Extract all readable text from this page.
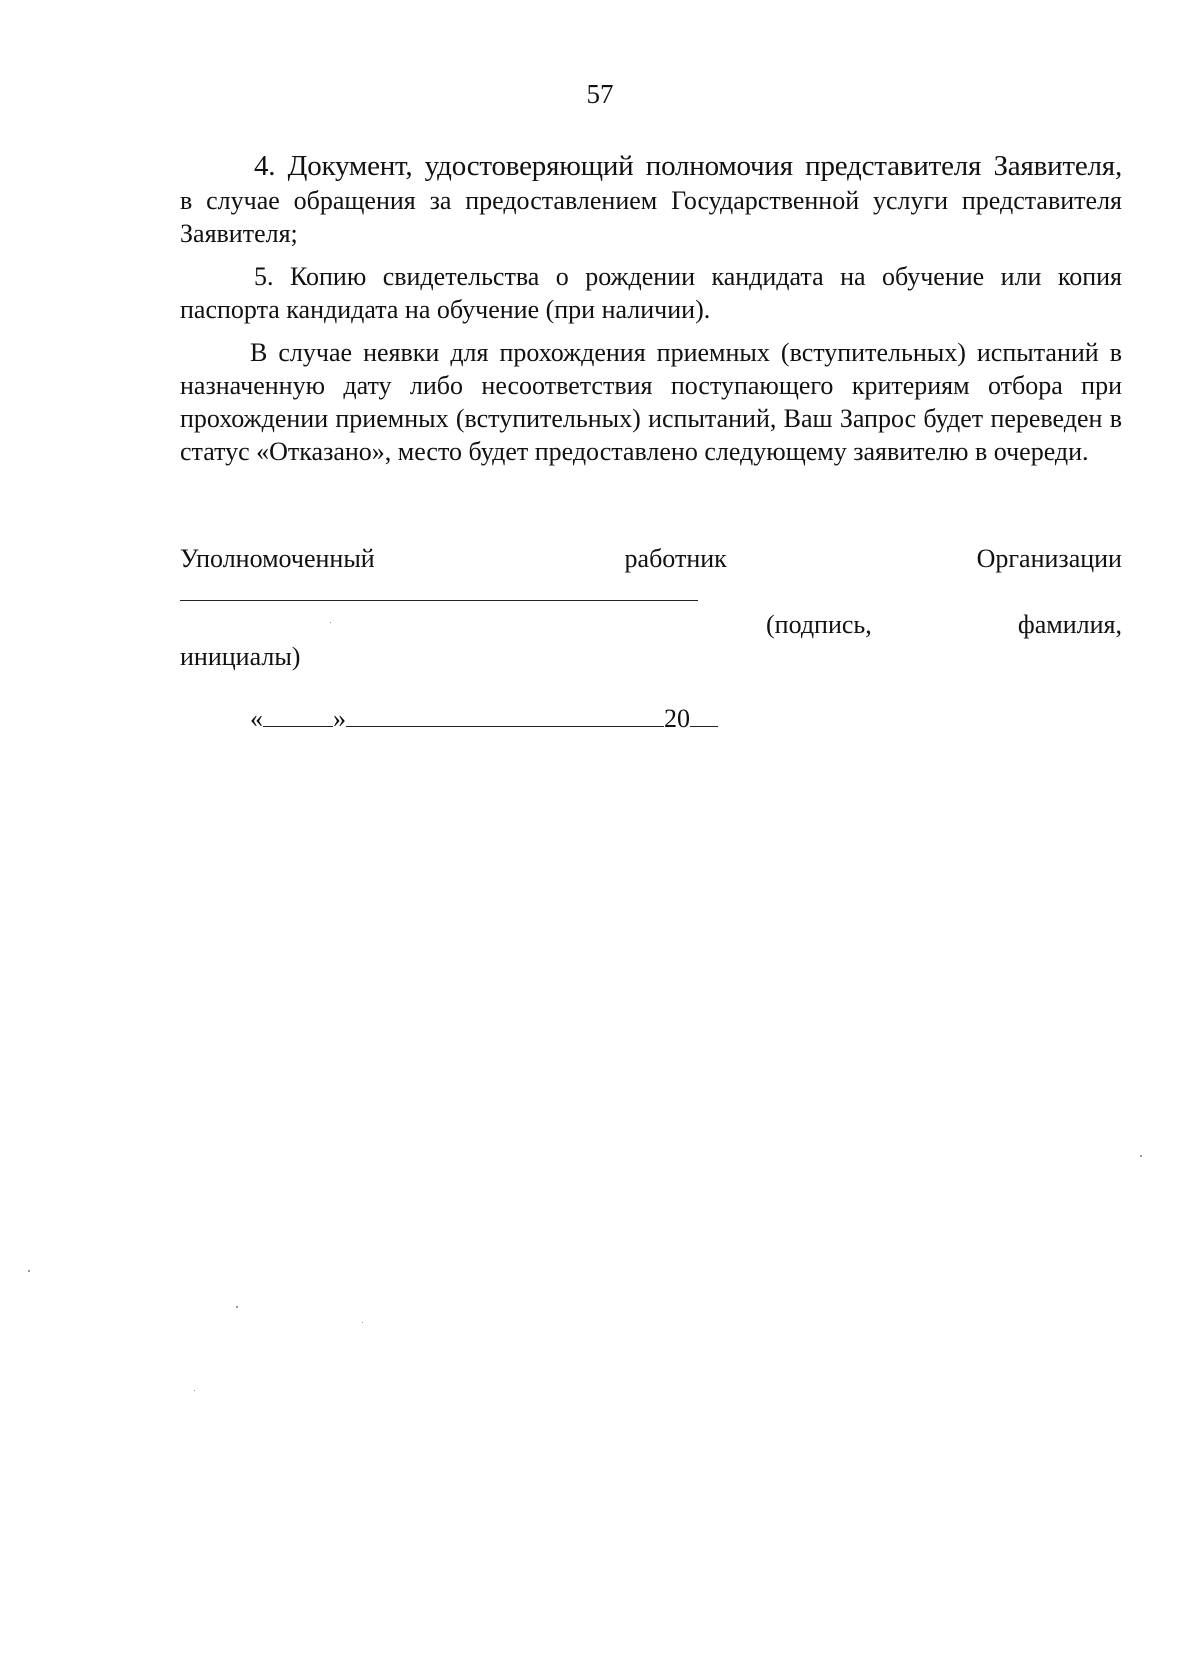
57

4. Документ, удостоверяющий полномочия представителя Заявителя,

в случае обращения за предоставлением Государственной услуги представителя Заявителя;

5. Копию свидетельства о рождении кандидата на обучение или копия паспорта кандидата на обучение (при наличии).

В случае неявки для прохождения приемных (вступительных) испытаний в назначенную дату либо несоответствия поступающего критериям отбора при прохождении приемных (вступительных) испытаний, Ваш Запрос будет переведен в статус «Отказано», место будет предоставлено следующему заявителю в очереди.

Уполномоченный	работник	Организации
(подпись,	фамилия,
инициалы)
«	»	20
